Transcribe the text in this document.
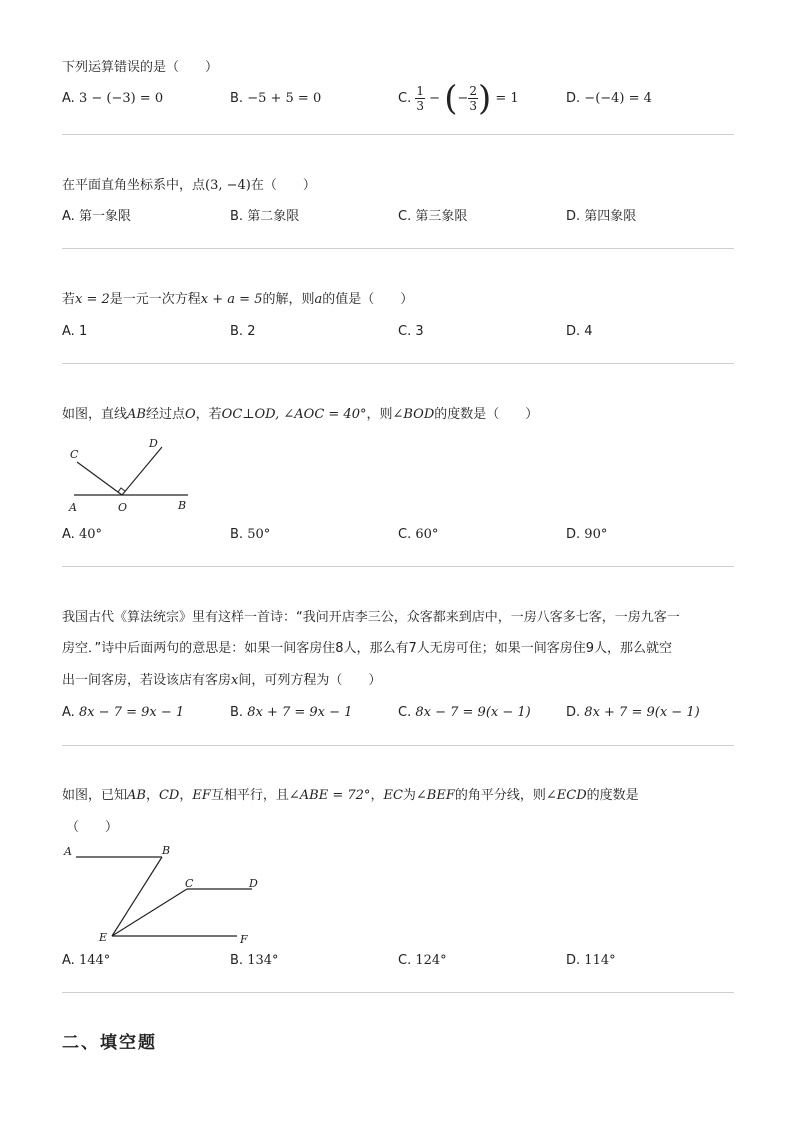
下列运算错误的是（　　）
A. 3 − (−3) = 0	B. −5 + 5 = 0	C. $\frac{1}{3}$ − (− $\frac{2}{3}$ ) = 1	D. −(−4) = 4
在平面直角坐标系中，点(3, −4)在（　　）
A. 第一象限	B. 第二象限	C. 第三象限	D. 第四象限
若x = 2是一元一次方程x + a = 5的解，则a的值是（　　）
A. 1	B. 2	C. 3	D. 4
如图，直线AB经过点O，若OC⊥OD, ∠AOC = 40°，则∠BOD的度数是（　　）
C
D
A	O	B
A. 40°	B. 50°	C. 60°	D. 90°
我国古代《算法统宗》里有这样一首诗：“我问开店李三公，众客都来到店中，一房八客多七客，一房九客一
房空．”诗中后面两句的意思是：如果一间客房住8人，那么有7人无房可住；如果一间客房住9人，那么就空
出一间客房，若设该店有客房x间，可列方程为（　　）
A. 8x − 7 = 9x − 1	B. 8x + 7 = 9x − 1	C. 8x − 7 = 9(x − 1)	D. 8x + 7 = 9(x − 1)
如图，已知AB，CD，EF互相平行，且∠ABE = 72°，EC为∠BEF的角平分线，则∠ECD的度数是
（　　）
A	B
C	D
E	F
A. 144°	B. 134°	C. 124°	D. 114°
二、填空题
